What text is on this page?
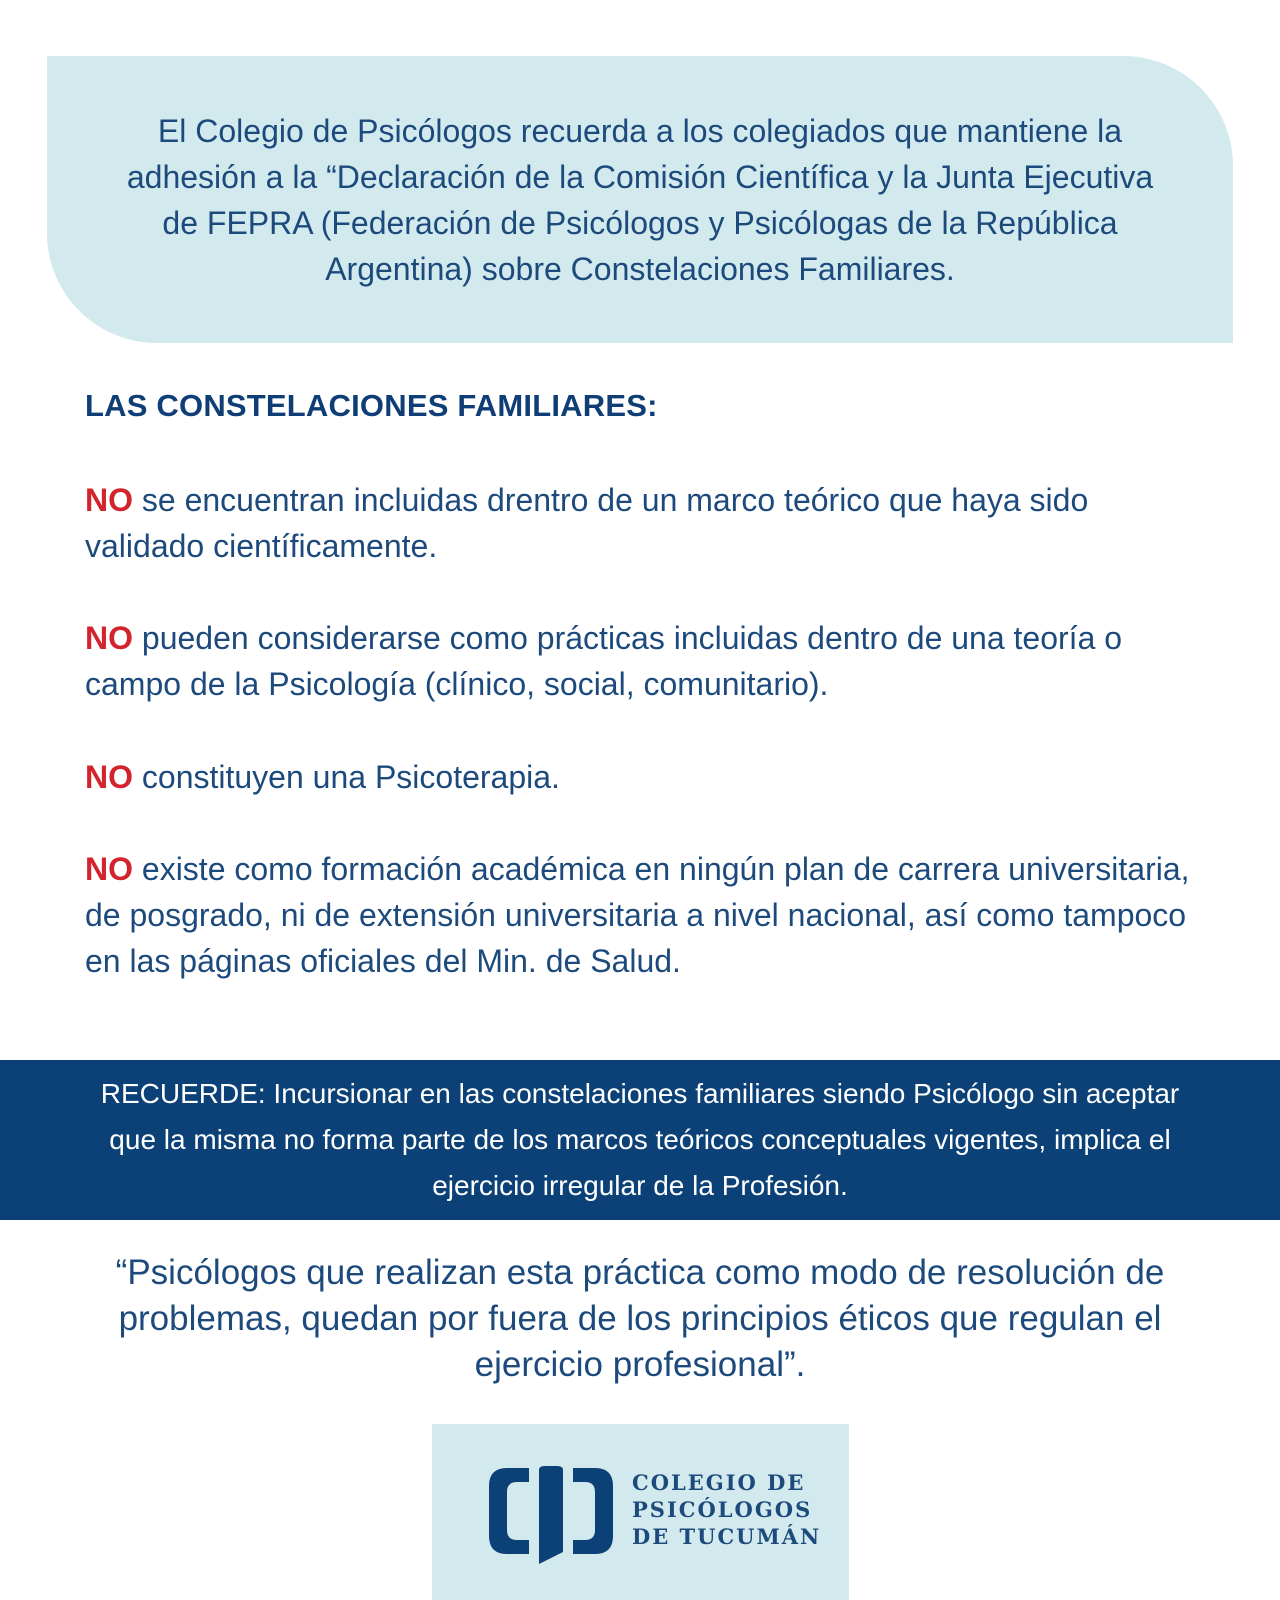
El Colegio de Psicólogos recuerda a los colegiados que mantiene la adhesión a la “Declaración de la Comisión Científica y la Junta Ejecutiva de FEPRA (Federación de Psicólogos y Psicólogas de la República Argentina) sobre Constelaciones Familiares.

LAS CONSTELACIONES FAMILIARES:

NO se encuentran incluidas drentro de un marco teórico que haya sido validado científicamente.

NO pueden considerarse como prácticas incluidas dentro de una teoría o campo de la Psicología (clínico, social, comunitario).

NO constituyen una Psicoterapia.

NO existe como formación académica en ningún plan de carrera universitaria, de posgrado, ni de extensión universitaria a nivel nacional, así como tampoco en las páginas oficiales del Min. de Salud.

RECUERDE: Incursionar en las constelaciones familiares siendo Psicólogo sin aceptar que la misma no forma parte de los marcos teóricos conceptuales vigentes, implica el ejercicio irregular de la Profesión.

“Psicólogos que realizan esta práctica como modo de resolución de problemas, quedan por fuera de los principios éticos que regulan el ejercicio profesional”.

COLEGIO DE
PSICÓLOGOS
DE TUCUMÁN
